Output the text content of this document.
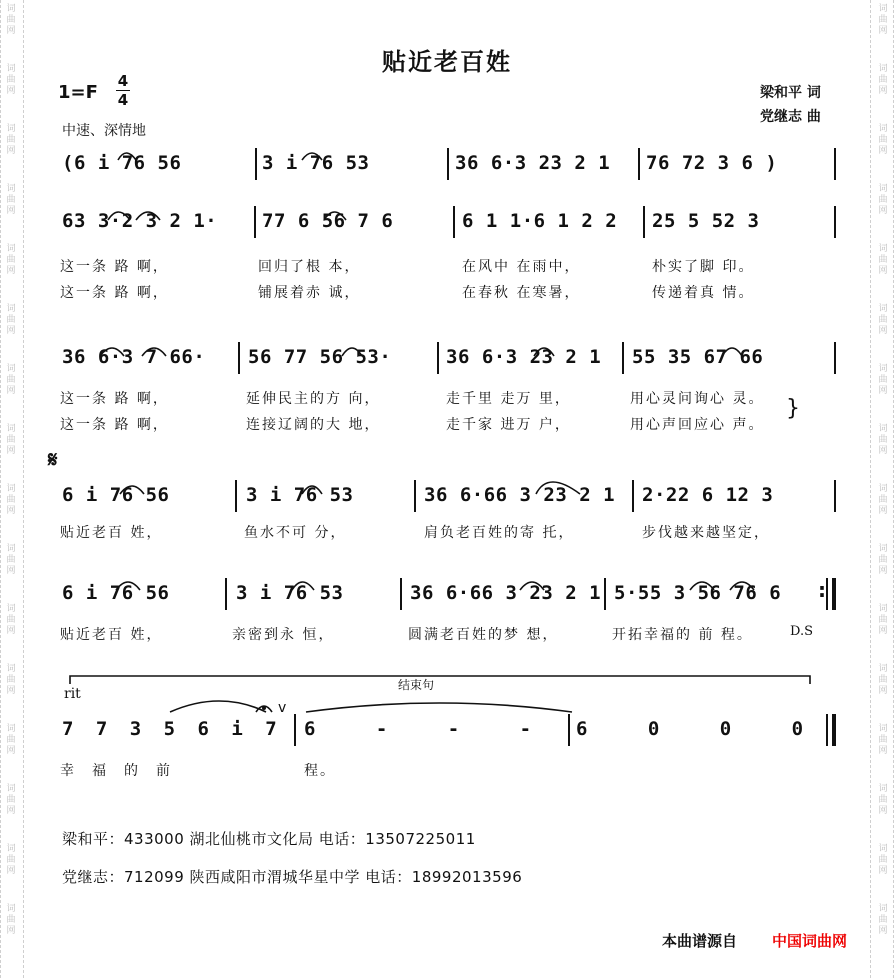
词
曲
网
词
曲
网
词
曲
网
词
曲
网
词
曲
网
词
曲
网
词
曲
网
词
曲
网
词
曲
网
词
曲
网
词
曲
网
词
曲
网
词
曲
网
词
曲
网
词
曲
网
词
曲
网
词
曲
网
词
曲
网
词
曲
网
词
曲
网
词
曲
网
词
曲
网
词
曲
网
词
曲
网
词
曲
网
词
曲
网
词
曲
网
词
曲
网
词
曲
网
词
曲
网
词
曲
网
词
曲
网
贴近老百姓
1=F
4
4	梁和平 词
党继志 曲
中速、深情地
(6 i 76 56	3 i 76 53	36 6·3 23 2 1 76 72 3 6 )
63 3·2 3 2 1· 77 6 56 7 6	6 1 1·6 1 2 2 25 5 52 3
这一条 路 啊，	回归了根 本，	在风中 在雨中，	朴实了脚 印。
这一条 路 啊，	铺展着赤 诚，	在春秋 在寒暑，	传递着真 情。
36 6·3 7 66· 56 77 56 53·	36 6·3 23 2 1 55 35 67 66
这一条 路 啊，	延伸民主的方 向，	走千里 走万 里，	用心灵问询心 灵。
这一条 路 啊，	连接辽阔的大 地，	走千家 进万 户，	用心声回应心 声。
}
𝄋
6 i 76 56	3 i 76 53	36 6·66 3 23 2 1 2·22 6 12 3
贴近老百 姓，	鱼水不可 分，	肩负老百姓的寄 托，	步伐越来越坚定，
6 i 76 56	3 i 76 53	36 6·66 3 23 2 1 5·55 3 56 76 6
贴近老百 姓，	亲密到永 恒，	圆满老百姓的梦 想，	开拓幸福的 前 程。	D.S
rit
结束句
v
7 7 3 5 6 i 7 6 - - - 6 0 0 0
幸福的前	程。
:
梁和平：433000 湖北仙桃市文化局 电话：13507225011
党继志：712099 陕西咸阳市渭城华星中学 电话：18992013596
本曲谱源自 中国词曲网
